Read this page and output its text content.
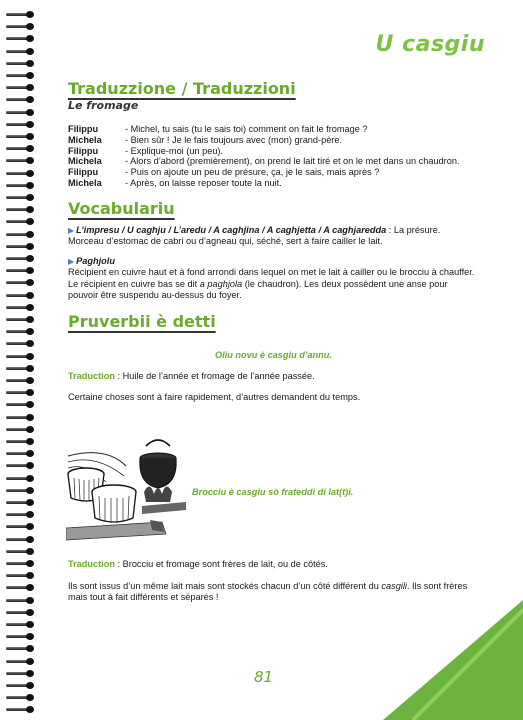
U casgiu
Traduzzione / Traduzzioni
Le fromage
Filippu	- Michel, tu sais (tu le sais toi) comment on fait le fromage ?
Michela	- Bien sûr ! Je le fais toujours avec (mon) grand-père.
Filippu	- Explique-moi (un peu).
Michela	- Alors d’abord (premièrement), on prend le lait tiré et on le met dans un chaudron.
Filippu	- Puis on ajoute un peu de présure, ça, je le sais, mais après ?
Michela	- Après, on laisse reposer toute la nuit.
Vocabulariu
▶ L’impresu / U caghju / L’aredu / A caghjina / A caghjetta / A caghjaredda : La présure.
Morceau d’estomac de cabri ou d’agneau qui, séché, sert à faire cailler le lait.
▶ Paghjolu
Récipient en cuivre haut et à fond arrondi dans lequel on met le lait à cailler ou le brocciu à chauffer. Le récipient en cuivre bas se dit a paghjola (le chaudron). Les deux possèdent une anse pour pouvoir être suspendu au-dessus du foyer.
Pruverbii è detti
Oliu novu è casgiu d’annu.
Traduction : Huile de l’année et fromage de l’année passée.
Certaine choses sont à faire rapidement, d’autres demandent du temps.
Brocciu è casgiu sò frateddi di lat(t)i.
Traduction : Brocciu et fromage sont frères de lait, ou de côtés.
Ils sont issus d’un même lait mais sont stockés chacun d’un côté différent du casgili. Ils sont frères mais tout à fait différents et séparés !
81
